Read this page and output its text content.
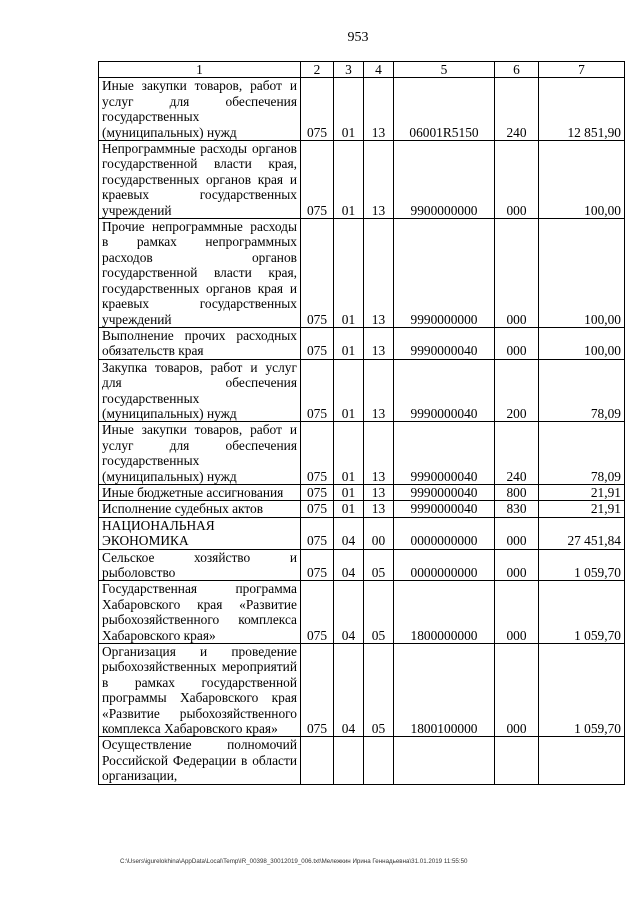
953
1	2	3	4	5	6	7
Иные закупки товаров, работ и услуг для обеспечения государственных (муниципальных) нужд	075	01	13	06001R5150	240	12 851,90
Непрограммные расходы органов государственной власти края, государственных органов края и краевых государственных учреждений	075	01	13	9900000000	000	100,00
Прочие непрограммные расходы в рамках непрограммных расходов органов государственной власти края, государственных органов края и краевых государственных учреждений	075	01	13	9990000000	000	100,00
Выполнение прочих расходных обязательств края	075	01	13	9990000040	000	100,00
Закупка товаров, работ и услуг для обеспечения государственных (муниципальных) нужд	075	01	13	9990000040	200	78,09
Иные закупки товаров, работ и услуг для обеспечения государственных (муниципальных) нужд	075	01	13	9990000040	240	78,09
Иные бюджетные ассигнования	075	01	13	9990000040	800	21,91
Исполнение судебных актов	075	01	13	9990000040	830	21,91
НАЦИОНАЛЬНАЯ ЭКОНОМИКА	075	04	00	0000000000	000	27 451,84
Сельское хозяйство и рыболовство	075	04	05	0000000000	000	1 059,70
Государственная программа Хабаровского края «Развитие рыбохозяйственного комплекса Хабаровского края»	075	04	05	1800000000	000	1 059,70
Организация и проведение рыбохозяйственных мероприятий в рамках государственной программы Хабаровского края «Развитие рыбохозяйственного комплекса Хабаровского края»	075	04	05	1800100000	000	1 059,70
Осуществление полномочий Российской Федерации в области организации,						
C:\Users\igurelokhina\AppData\Local\Temp\IR_00398_30012019_006.txt\Мележкин Ирина Геннадьевна\31.01.2019 11:55:50
